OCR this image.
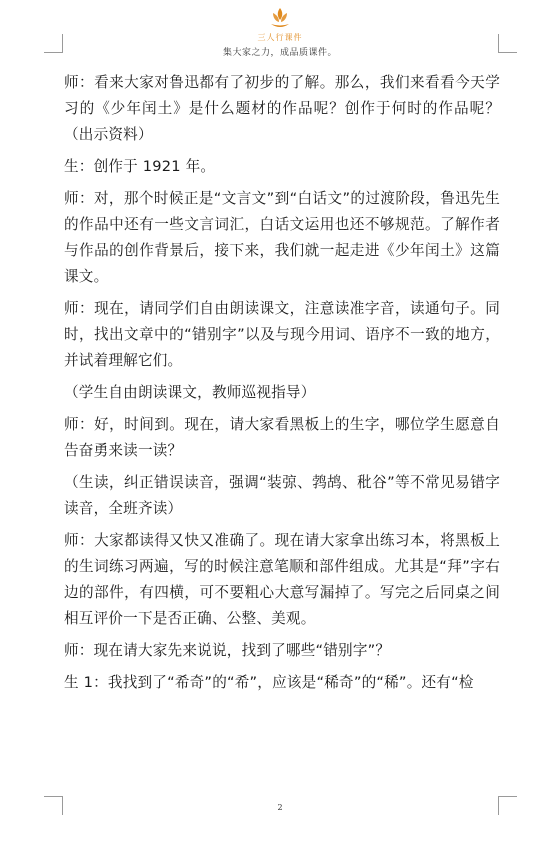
三人行课件
集大家之力，成品质课件。

师：看来大家对鲁迅都有了初步的了解。那么，我们来看看今天学习的《少年闰土》是什么题材的作品呢？创作于何时的作品呢？（出示资料）

生：创作于 1921 年。

师：对，那个时候正是“文言文”到“白话文”的过渡阶段，鲁迅先生的作品中还有一些文言词汇，白话文运用也还不够规范。了解作者与作品的创作背景后，接下来，我们就一起走进《少年闰土》这篇课文。

师：现在，请同学们自由朗读课文，注意读准字音，读通句子。同时，找出文章中的“错别字”以及与现今用词、语序不一致的地方，并试着理解它们。

（学生自由朗读课文，教师巡视指导）

师：好，时间到。现在，请大家看黑板上的生字，哪位学生愿意自告奋勇来读一读？

（生读，纠正错误读音，强调“装弶、鹁鸪、秕谷”等不常见易错字读音，全班齐读）

师：大家都读得又快又准确了。现在请大家拿出练习本，将黑板上的生词练习两遍，写的时候注意笔顺和部件组成。尤其是“拜”字右边的部件，有四横，可不要粗心大意写漏掉了。写完之后同桌之间相互评价一下是否正确、公整、美观。

师：现在请大家先来说说，找到了哪些“错别字”？

生 1：我找到了“希奇”的“希”，应该是“稀奇”的“稀”。还有“检

2
